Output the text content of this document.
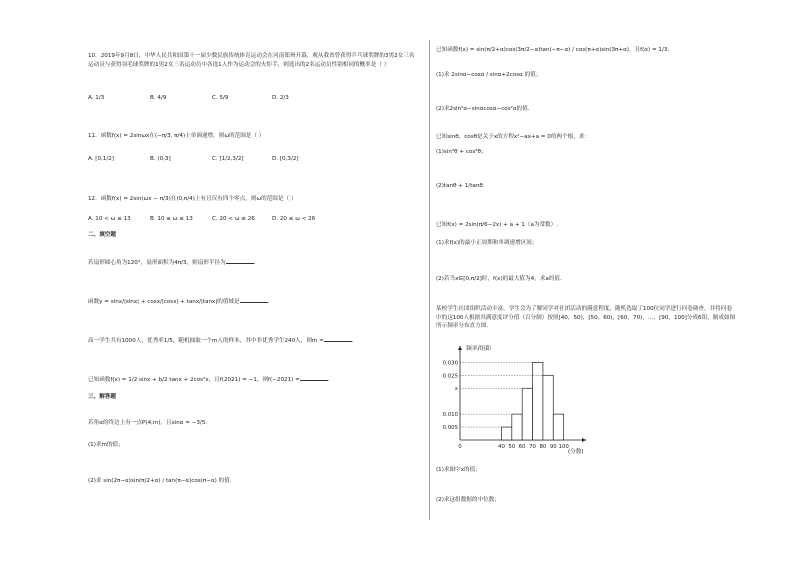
10．2019年9月8日，中华人民共和国第十一届少数民族传统体育运动会在河南郑州开幕，观从我省曾获得乒乓球奖牌的3男2女三名运动员与获得羽毛球奖牌的1男2女三名运动员中各选1人作为运动会的火炬手，则选出的2名运动员性别相同的概率是（ ）
A. 1/3	B. 4/9	C. 5/9	D. 2/3
11．函数f(x) = 2sinωx在(−π/3, π/4)上单调递增，则ω的范围是（ ）
A. [0,1/2]	B. (0,3]	C. [1/2,3/2]	D. [0,3/2]
12．函数f(x) = 2sin(ωx − π/3)在(0,π/4)上有且仅有四个零点，则ω的范围是（ ）
A. 10 < ω ≤ 13	B. 10 ≤ ω ≤ 13	C. 20 < ω ≤ 26	D. 20 ≤ ω < 26
二、填空题
若扇形圆心角为120°，扇形面积为4π/3，则扇形半径为	.
函数y = sinx/|sinx| + cosx/|cosx| + tanx/|tanx|的值域是	.
高一学生共有1000人，优秀率1/5，随机抽取一个m人的样本，其中非优秀学生240人，则m =	.
已知函数f(x) = 1/2 sinx + b/2 tanx + 2cos²x，且f(2021) = −1，则f(−2021) =	.
三、解答题
若角α的终边上有一点P(4,m)，且sinα = −3/5.
(1)求m的值；
(2)求 sin(2π−α)sin(π/2+α) / tan(π−α)cos(π−α) 的值.
已知函数f(x) = sin(π/2+α)cos(3π/2−α)tan(−π−α) / cos(π+α)sin(3π+α)，且f(α) = 1/3.
(1)求 2sinα−cosα / sinα+2cosα 的值；
(2)求2sin²α−sinαcosα−cos²α的值.
已知sinθ，cosθ是关于x的方程x²−ax+a = 0的两个根，求：
(1)sin³θ + cos³θ；
(2)tanθ + 1/tanθ.
已知f(x) = 2sin(π/6−2x) + a + 1（a为常数）.
(1)求f(x)的最小正周期和单调递增区间；
(2)若当x∈[0,π/2]时，f(x)的最大值为4，求a的值.
某校学生社团组织活动丰富，学生会为了解同学对社团活动的满意程度，随机选取了100位同学进行问卷调查，并将问卷中的这100人根据其满意度评分值（百分制）按照[40，50)，[50，60)，[60，70)，…，[90，100]分成6组，制成如图所示频率分布直方图.
频率/组距
(分数)
0.005
0.010
x
0.025
0.030
0	40 50 60 70 80 90 100
(1)求图中x的值；
(2)求这组数据的中位数；
